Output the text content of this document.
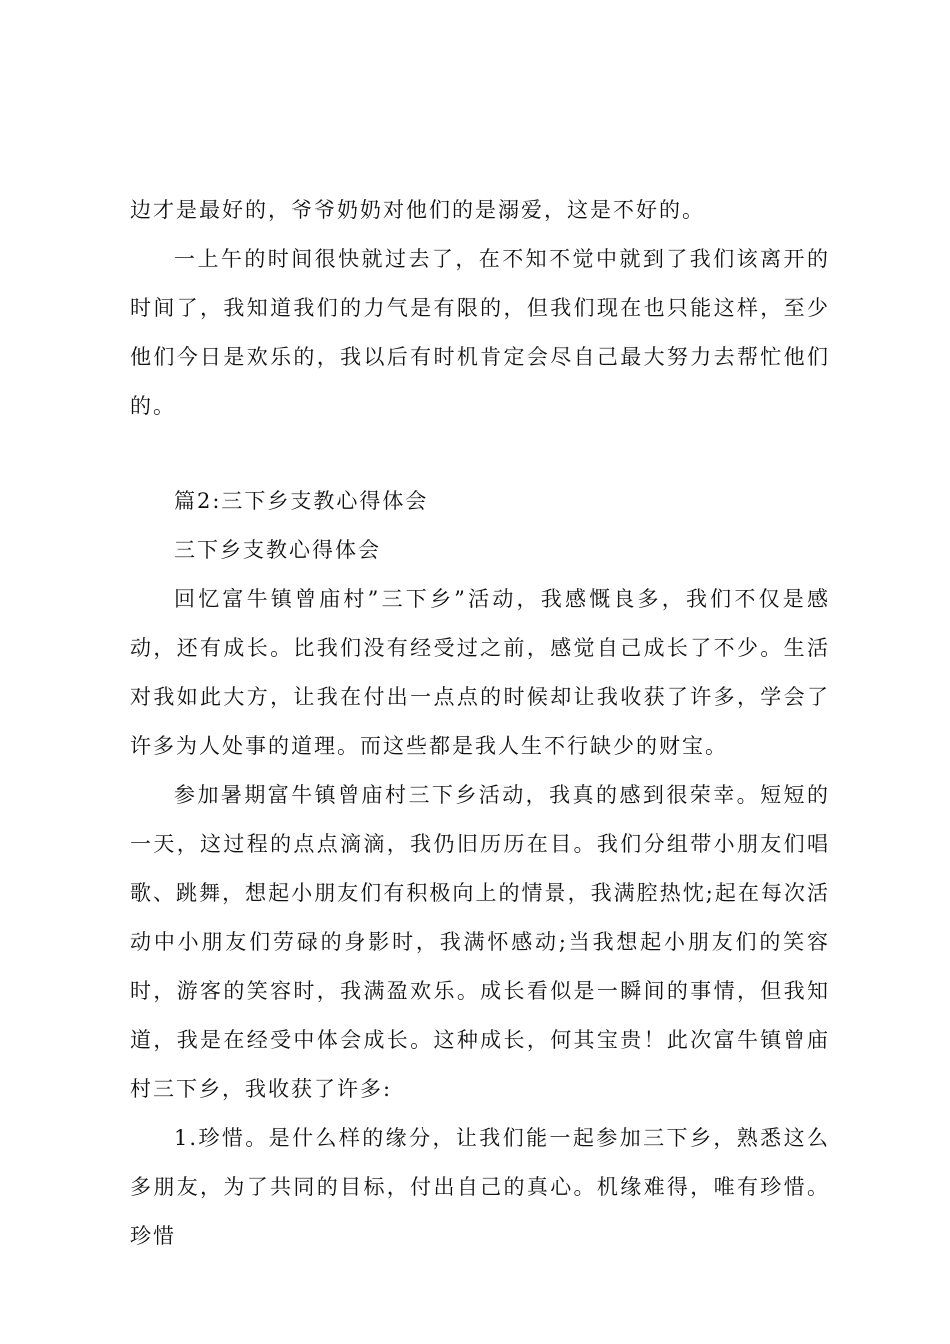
边才是最好的，爷爷奶奶对他们的是溺爱，这是不好的。

一上午的时间很快就过去了，在不知不觉中就到了我们该离开的时间了，我知道我们的力气是有限的，但我们现在也只能这样，至少他们今日是欢乐的，我以后有时机肯定会尽自己最大努力去帮忙他们的。

篇2:三下乡支教心得体会

三下乡支教心得体会

回忆富牛镇曾庙村”三下乡”活动，我感慨良多，我们不仅是感动，还有成长。比我们没有经受过之前，感觉自己成长了不少。生活对我如此大方，让我在付出一点点的时候却让我收获了许多，学会了许多为人处事的道理。而这些都是我人生不行缺少的财宝。

参加暑期富牛镇曾庙村三下乡活动，我真的感到很荣幸。短短的一天，这过程的点点滴滴，我仍旧历历在目。我们分组带小朋友们唱歌、跳舞，想起小朋友们有积极向上的情景，我满腔热忱;起在每次活动中小朋友们劳碌的身影时，我满怀感动;当我想起小朋友们的笑容时，游客的笑容时，我满盈欢乐。成长看似是一瞬间的事情，但我知道，我是在经受中体会成长。这种成长，何其宝贵！此次富牛镇曾庙村三下乡，我收获了许多:

1.珍惜。是什么样的缘分，让我们能一起参加三下乡，熟悉这么多朋友，为了共同的目标，付出自己的真心。机缘难得，唯有珍惜。珍惜
